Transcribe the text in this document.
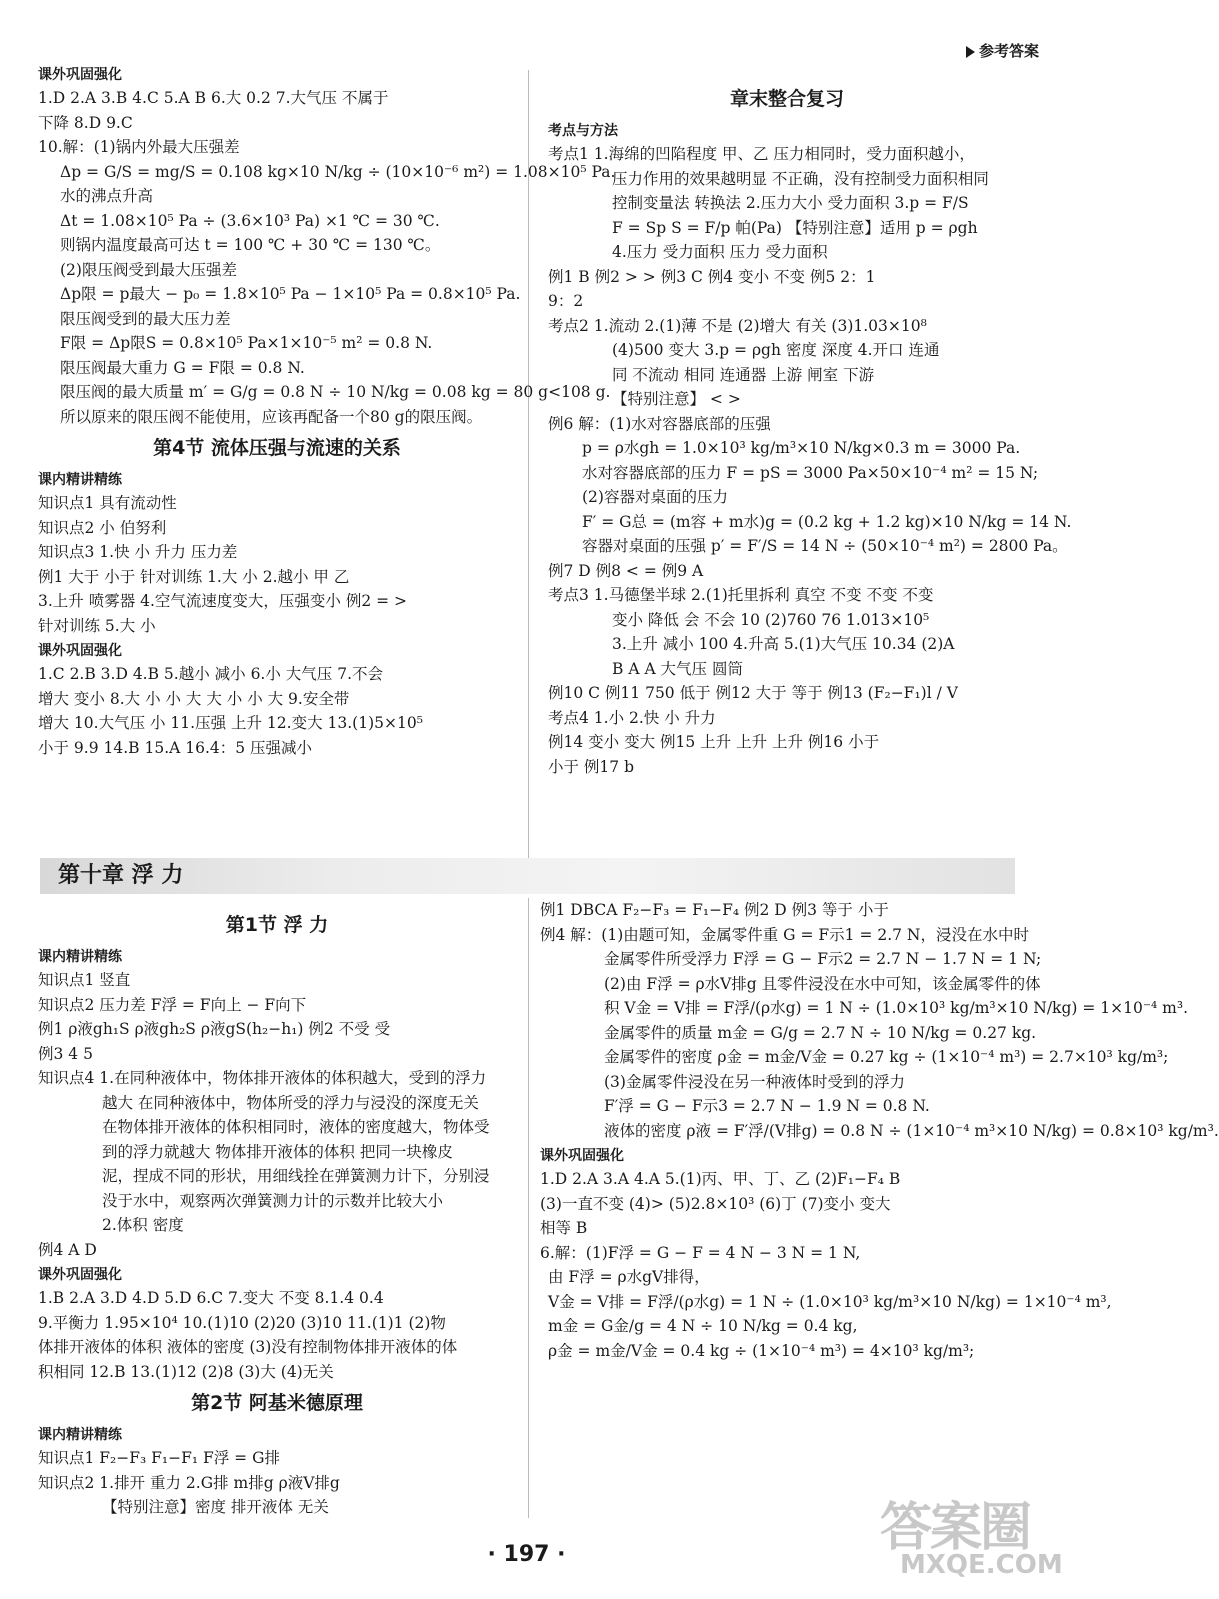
参考答案
课外巩固强化
1.D 2.A 3.B 4.C 5.A B 6.大 0.2 7.大气压 不属于
下降 8.D 9.C
10.解：(1)锅内外最大压强差
Δp = G/S = mg/S = 0.108 kg×10 N/kg ÷ (10×10⁻⁶ m²) = 1.08×10⁵ Pa.
水的沸点升高
Δt = 1.08×10⁵ Pa ÷ (3.6×10³ Pa) ×1 ℃ = 30 ℃.
则锅内温度最高可达 t = 100 ℃ + 30 ℃ = 130 ℃。
(2)限压阀受到最大压强差
Δp限 = p最大 − p₀ = 1.8×10⁵ Pa − 1×10⁵ Pa = 0.8×10⁵ Pa.
限压阀受到的最大压力差
F限 = Δp限S = 0.8×10⁵ Pa×1×10⁻⁵ m² = 0.8 N.
限压阀最大重力 G = F限 = 0.8 N.
限压阀的最大质量 m′ = G/g = 0.8 N ÷ 10 N/kg = 0.08 kg = 80 g<108 g.
所以原来的限压阀不能使用，应该再配备一个80 g的限压阀。
第4节 流体压强与流速的关系
课内精讲精练
知识点1 具有流动性
知识点2 小 伯努利
知识点3 1.快 小 升力 压力差
例1 大于 小于 针对训练 1.大 小 2.越小 甲 乙
3.上升 喷雾器 4.空气流速度变大，压强变小 例2 = >
针对训练 5.大 小
课外巩固强化
1.C 2.B 3.D 4.B 5.越小 减小 6.小 大气压 7.不会
增大 变小 8.大 小 小 大 大 小 小 大 9.安全带
增大 10.大气压 小 11.压强 上升 12.变大 13.(1)5×10⁵
小于 9.9 14.B 15.A 16.4：5 压强减小
章末整合复习
考点与方法
考点1 1.海绵的凹陷程度 甲、乙 压力相同时，受力面积越小，
压力作用的效果越明显 不正确，没有控制受力面积相同
控制变量法 转换法 2.压力大小 受力面积 3.p = F/S
F = Sp S = F/p 帕(Pa) 【特别注意】适用 p = ρgh
4.压力 受力面积 压力 受力面积
例1 B 例2 > > 例3 C 例4 变小 不变 例5 2：1
9：2
考点2 1.流动 2.(1)薄 不是 (2)增大 有关 (3)1.03×10⁸
(4)500 变大 3.p = ρgh 密度 深度 4.开口 连通
同 不流动 相同 连通器 上游 闸室 下游
【特别注意】 < >
例6 解：(1)水对容器底部的压强
p = ρ水gh = 1.0×10³ kg/m³×10 N/kg×0.3 m = 3000 Pa.
水对容器底部的压力 F = pS = 3000 Pa×50×10⁻⁴ m² = 15 N;
(2)容器对桌面的压力
F′ = G总 = (m容 + m水)g = (0.2 kg + 1.2 kg)×10 N/kg = 14 N.
容器对桌面的压强 p′ = F′/S = 14 N ÷ (50×10⁻⁴ m²) = 2800 Pa。
例7 D 例8 < = 例9 A
考点3 1.马德堡半球 2.(1)托里拆利 真空 不变 不变 不变
变小 降低 会 不会 10 (2)760 76 1.013×10⁵
3.上升 减小 100 4.升高 5.(1)大气压 10.34 (2)A
B A A 大气压 圆筒
例10 C 例11 750 低于 例12 大于 等于 例13 (F₂−F₁)l / V
考点4 1.小 2.快 小 升力
例14 变小 变大 例15 上升 上升 上升 例16 小于
小于 例17 b
第十章 浮 力
第1节 浮 力
课内精讲精练
知识点1 竖直
知识点2 压力差 F浮 = F向上 − F向下
例1 ρ液gh₁S ρ液gh₂S ρ液gS(h₂−h₁) 例2 不受 受
例3 4 5
知识点4 1.在同种液体中，物体排开液体的体积越大，受到的浮力
越大 在同种液体中，物体所受的浮力与浸没的深度无关
在物体排开液体的体积相同时，液体的密度越大，物体受
到的浮力就越大 物体排开液体的体积 把同一块橡皮
泥，捏成不同的形状，用细线拴在弹簧测力计下，分别浸
没于水中，观察两次弹簧测力计的示数并比较大小
2.体积 密度
例4 A D
课外巩固强化
1.B 2.A 3.D 4.D 5.D 6.C 7.变大 不变 8.1.4 0.4
9.平衡力 1.95×10⁴ 10.(1)10 (2)20 (3)10 11.(1)1 (2)物
体排开液体的体积 液体的密度 (3)没有控制物体排开液体的体
积相同 12.B 13.(1)12 (2)8 (3)大 (4)无关
第2节 阿基米德原理
课内精讲精练
知识点1 F₂−F₃ F₁−F₁ F浮 = G排
知识点2 1.排开 重力 2.G排 m排g ρ液V排g
【特别注意】密度 排开液体 无关
例1 DBCA F₂−F₃ = F₁−F₄ 例2 D 例3 等于 小于
例4 解：(1)由题可知，金属零件重 G = F示1 = 2.7 N，浸没在水中时
金属零件所受浮力 F浮 = G − F示2 = 2.7 N − 1.7 N = 1 N;
(2)由 F浮 = ρ水V排g 且零件浸没在水中可知，该金属零件的体
积 V金 = V排 = F浮/(ρ水g) = 1 N ÷ (1.0×10³ kg/m³×10 N/kg) = 1×10⁻⁴ m³.
金属零件的质量 m金 = G/g = 2.7 N ÷ 10 N/kg = 0.27 kg.
金属零件的密度 ρ金 = m金/V金 = 0.27 kg ÷ (1×10⁻⁴ m³) = 2.7×10³ kg/m³;
(3)金属零件浸没在另一种液体时受到的浮力
F′浮 = G − F示3 = 2.7 N − 1.9 N = 0.8 N.
液体的密度 ρ液 = F′浮/(V排g) = 0.8 N ÷ (1×10⁻⁴ m³×10 N/kg) = 0.8×10³ kg/m³.
课外巩固强化
1.D 2.A 3.A 4.A 5.(1)丙、甲、丁、乙 (2)F₁−F₄ B
(3)一直不变 (4)> (5)2.8×10³ (6)丁 (7)变小 变大
相等 B
6.解：(1)F浮 = G − F = 4 N − 3 N = 1 N,
由 F浮 = ρ水gV排得，
V金 = V排 = F浮/(ρ水g) = 1 N ÷ (1.0×10³ kg/m³×10 N/kg) = 1×10⁻⁴ m³,
m金 = G金/g = 4 N ÷ 10 N/kg = 0.4 kg,
ρ金 = m金/V金 = 0.4 kg ÷ (1×10⁻⁴ m³) = 4×10³ kg/m³;
· 197 ·	答案圈
MXQE.COM
